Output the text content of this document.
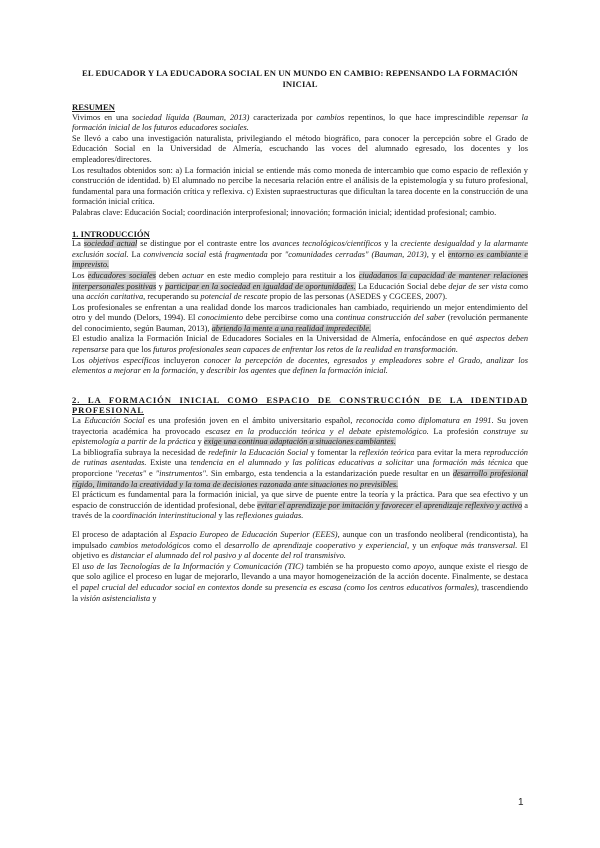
EL EDUCADOR Y LA EDUCADORA SOCIAL EN UN MUNDO EN CAMBIO: REPENSANDO LA FORMACIÓN INICIAL

RESUMEN

Vivimos en una sociedad líquida (Bauman, 2013) caracterizada por cambios repentinos, lo que hace imprescindible repensar la formación inicial de los futuros educadores sociales.

Se llevó a cabo una investigación naturalista, privilegiando el método biográfico, para conocer la percepción sobre el Grado de Educación Social en la Universidad de Almería, escuchando las voces del alumnado egresado, los docentes y los empleadores/directores.

Los resultados obtenidos son: a) La formación inicial se entiende más como moneda de intercambio que como espacio de reflexión y construcción de identidad. b) El alumnado no percibe la necesaria relación entre el análisis de la epistemología y su futuro profesional, fundamental para una formación crítica y reflexiva. c) Existen supraestructuras que dificultan la tarea docente en la construcción de una formación inicial crítica.

Palabras clave: Educación Social; coordinación interprofesional; innovación; formación inicial; identidad profesional; cambio.

1. INTRODUCCIÓN

La sociedad actual se distingue por el contraste entre los avances tecnológicos/científicos y la creciente desigualdad y la alarmante exclusión social. La convivencia social está fragmentada por "comunidades cerradas" (Bauman, 2013), y el entorno es cambiante e imprevisto.

Los educadores sociales deben actuar en este medio complejo para restituir a los ciudadanos la capacidad de mantener relaciones interpersonales positivas y participar en la sociedad en igualdad de oportunidades. La Educación Social debe dejar de ser vista como una acción caritativa, recuperando su potencial de rescate propio de las personas (ASEDES y CGCEES, 2007).

Los profesionales se enfrentan a una realidad donde los marcos tradicionales han cambiado, requiriendo un mejor entendimiento del otro y del mundo (Delors, 1994). El conocimiento debe percibirse como una continua construcción del saber (revolución permanente del conocimiento, según Bauman, 2013), abriendo la mente a una realidad impredecible.

El estudio analiza la Formación Inicial de Educadores Sociales en la Universidad de Almería, enfocándose en qué aspectos deben repensarse para que los futuros profesionales sean capaces de enfrentar los retos de la realidad en transformación.

Los objetivos específicos incluyeron conocer la percepción de docentes, egresados y empleadores sobre el Grado, analizar los elementos a mejorar en la formación, y describir los agentes que definen la formación inicial.

2. LA FORMACIÓN INICIAL COMO ESPACIO DE CONSTRUCCIÓN DE LA IDENTIDAD PROFESIONAL

La Educación Social es una profesión joven en el ámbito universitario español, reconocida como diplomatura en 1991. Su joven trayectoria académica ha provocado escasez en la producción teórica y el debate epistemológico. La profesión construye su epistemología a partir de la práctica y exige una continua adaptación a situaciones cambiantes.

La bibliografía subraya la necesidad de redefinir la Educación Social y fomentar la reflexión teórica para evitar la mera reproducción de rutinas asentadas. Existe una tendencia en el alumnado y las políticas educativas a solicitar una formación más técnica que proporcione "recetas" e "instrumentos". Sin embargo, esta tendencia a la estandarización puede resultar en un desarrollo profesional rígido, limitando la creatividad y la toma de decisiones razonada ante situaciones no previsibles.

El prácticum es fundamental para la formación inicial, ya que sirve de puente entre la teoría y la práctica. Para que sea efectivo y un espacio de construcción de identidad profesional, debe evitar el aprendizaje por imitación y favorecer el aprendizaje reflexivo y activo a través de la coordinación interinstitucional y las reflexiones guiadas.

El proceso de adaptación al Espacio Europeo de Educación Superior (EEES), aunque con un trasfondo neoliberal (rendicontista), ha impulsado cambios metodológicos como el desarrollo de aprendizaje cooperativo y experiencial, y un enfoque más transversal. El objetivo es distanciar el alumnado del rol pasivo y al docente del rol transmisivo.

El uso de las Tecnologías de la Información y Comunicación (TIC) también se ha propuesto como apoyo, aunque existe el riesgo de que solo agilice el proceso en lugar de mejorarlo, llevando a una mayor homogeneización de la acción docente. Finalmente, se destaca el papel crucial del educador social en contextos donde su presencia es escasa (como los centros educativos formales), trascendiendo la visión asistencialista y

1
